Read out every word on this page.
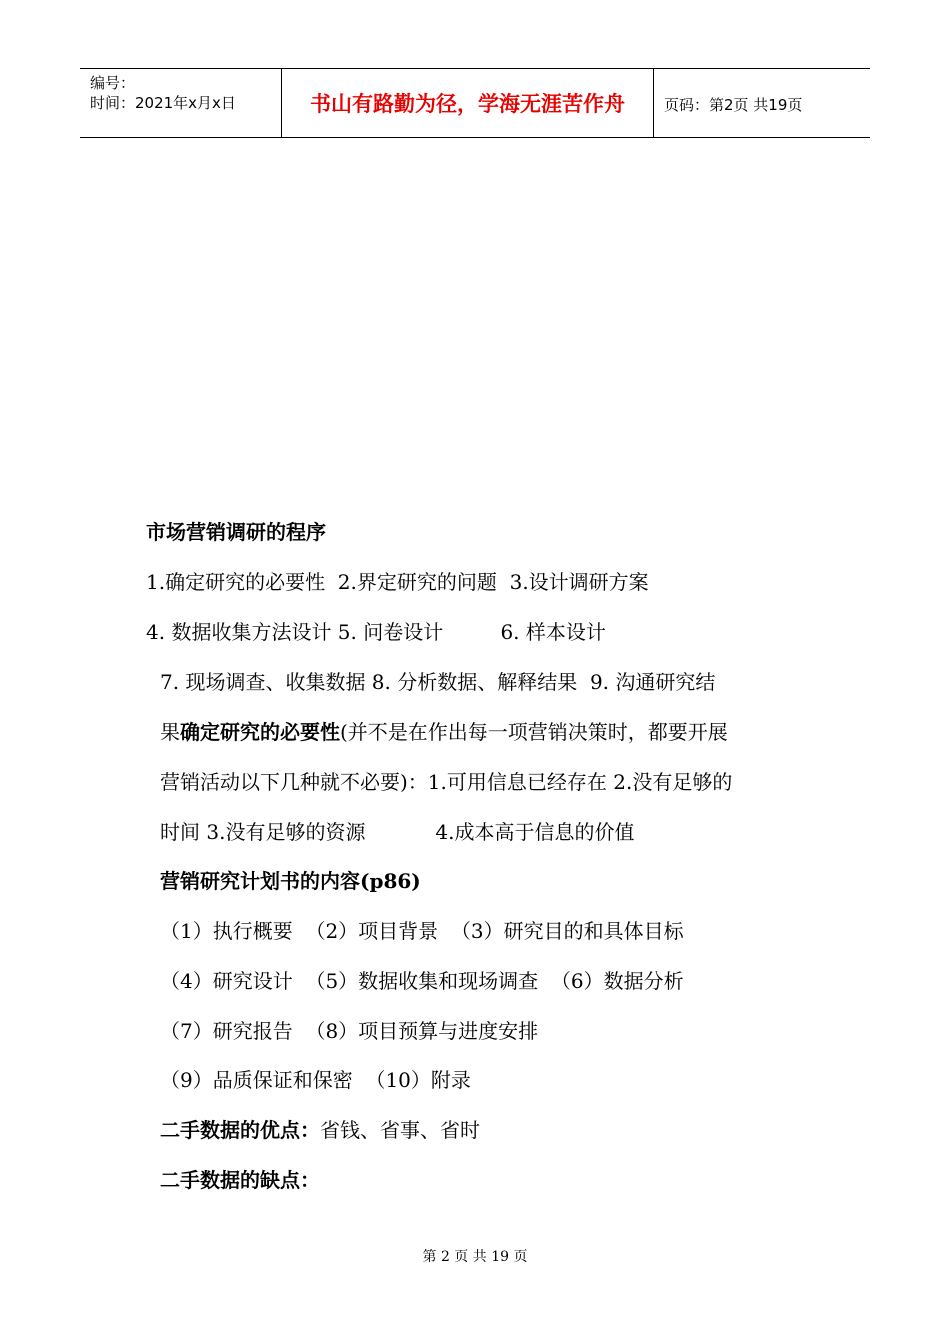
编号：
时间：2021年x月x日	书山有路勤为径，学海无涯苦作舟	页码：第2页 共19页
市场营销调研的程序
1.确定研究的必要性  2.界定研究的问题  3.设计调研方案
4. 数据收集方法设计 5. 问卷设计         6. 样本设计
7. 现场调查、收集数据 8. 分析数据、解释结果  9. 沟通研究结
果确定研究的必要性(并不是在作出每一项营销决策时，都要开展
营销活动以下几种就不必要)：1.可用信息已经存在 2.没有足够的
时间 3.没有足够的资源           4.成本高于信息的价值
营销研究计划书的内容(p86)
（1）执行概要  （2）项目背景  （3）研究目的和具体目标
（4）研究设计  （5）数据收集和现场调查  （6）数据分析
（7）研究报告  （8）项目预算与进度安排
（9）品质保证和保密  （10）附录
二手数据的优点：省钱、省事、省时
二手数据的缺点：
第 2 页 共 19 页
